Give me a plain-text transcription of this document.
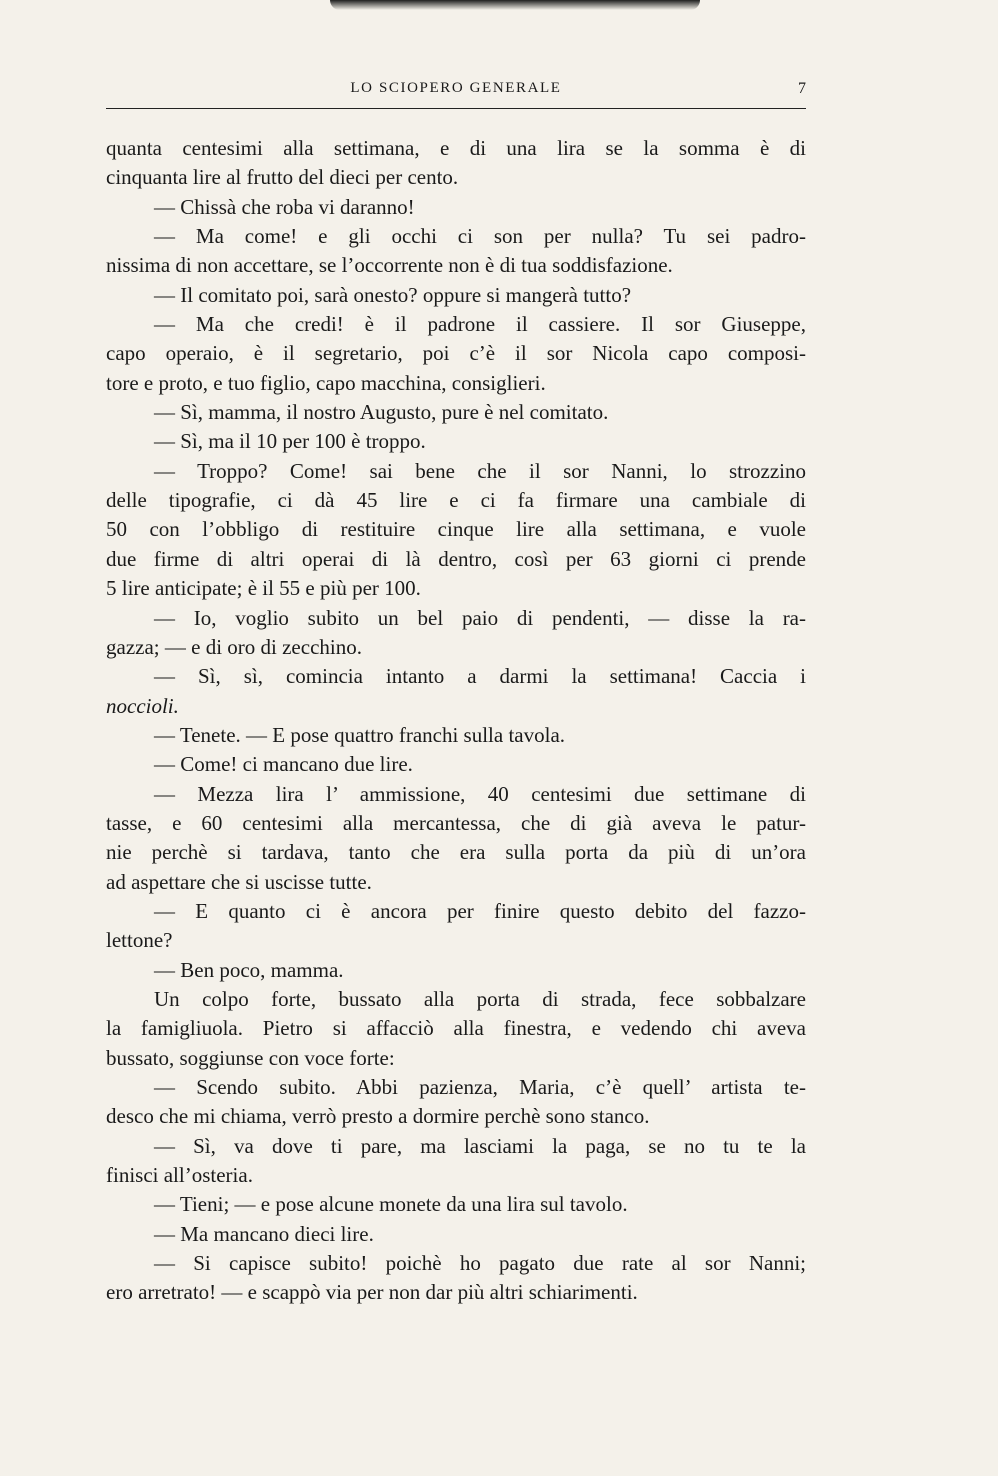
LO SCIOPERO GENERALE	7
quanta centesimi alla settimana, e di una lira se la somma è di
cinquanta lire al frutto del dieci per cento.
— Chissà che roba vi daranno!
— Ma come! e gli occhi ci son per nulla? Tu sei padro-
nissima di non accettare, se l’occorrente non è di tua soddisfazione.
— Il comitato poi, sarà onesto? oppure si mangerà tutto?
— Ma che credi! è il padrone il cassiere. Il sor Giuseppe,
capo operaio, è il segretario, poi c’è il sor Nicola capo composi-
tore e proto, e tuo figlio, capo macchina, consiglieri.
— Sì, mamma, il nostro Augusto, pure è nel comitato.
— Sì, ma il 10 per 100 è troppo.
— Troppo? Come! sai bene che il sor Nanni, lo strozzino
delle tipografie, ci dà 45 lire e ci fa firmare una cambiale di
50 con l’obbligo di restituire cinque lire alla settimana, e vuole
due firme di altri operai di là dentro, così per 63 giorni ci prende
5 lire anticipate; è il 55 e più per 100.
— Io, voglio subito un bel paio di pendenti, — disse la ra-
gazza; — e di oro di zecchino.
— Sì, sì, comincia intanto a darmi la settimana! Caccia i
noccioli.
— Tenete. — E pose quattro franchi sulla tavola.
— Come! ci mancano due lire.
— Mezza lira l’ ammissione, 40 centesimi due settimane di
tasse, e 60 centesimi alla mercantessa, che di già aveva le patur-
nie perchè si tardava, tanto che era sulla porta da più di un’ora
ad aspettare che si uscisse tutte.
— E quanto ci è ancora per finire questo debito del fazzo-
lettone?
— Ben poco, mamma.
Un colpo forte, bussato alla porta di strada, fece sobbalzare
la famigliuola. Pietro si affacciò alla finestra, e vedendo chi aveva
bussato, soggiunse con voce forte:
— Scendo subito. Abbi pazienza, Maria, c’è quell’ artista te-
desco che mi chiama, verrò presto a dormire perchè sono stanco.
— Sì, va dove ti pare, ma lasciami la paga, se no tu te la
finisci all’osteria.
— Tieni; — e pose alcune monete da una lira sul tavolo.
— Ma mancano dieci lire.
— Si capisce subito! poichè ho pagato due rate al sor Nanni;
ero arretrato! — e scappò via per non dar più altri schiarimenti.
